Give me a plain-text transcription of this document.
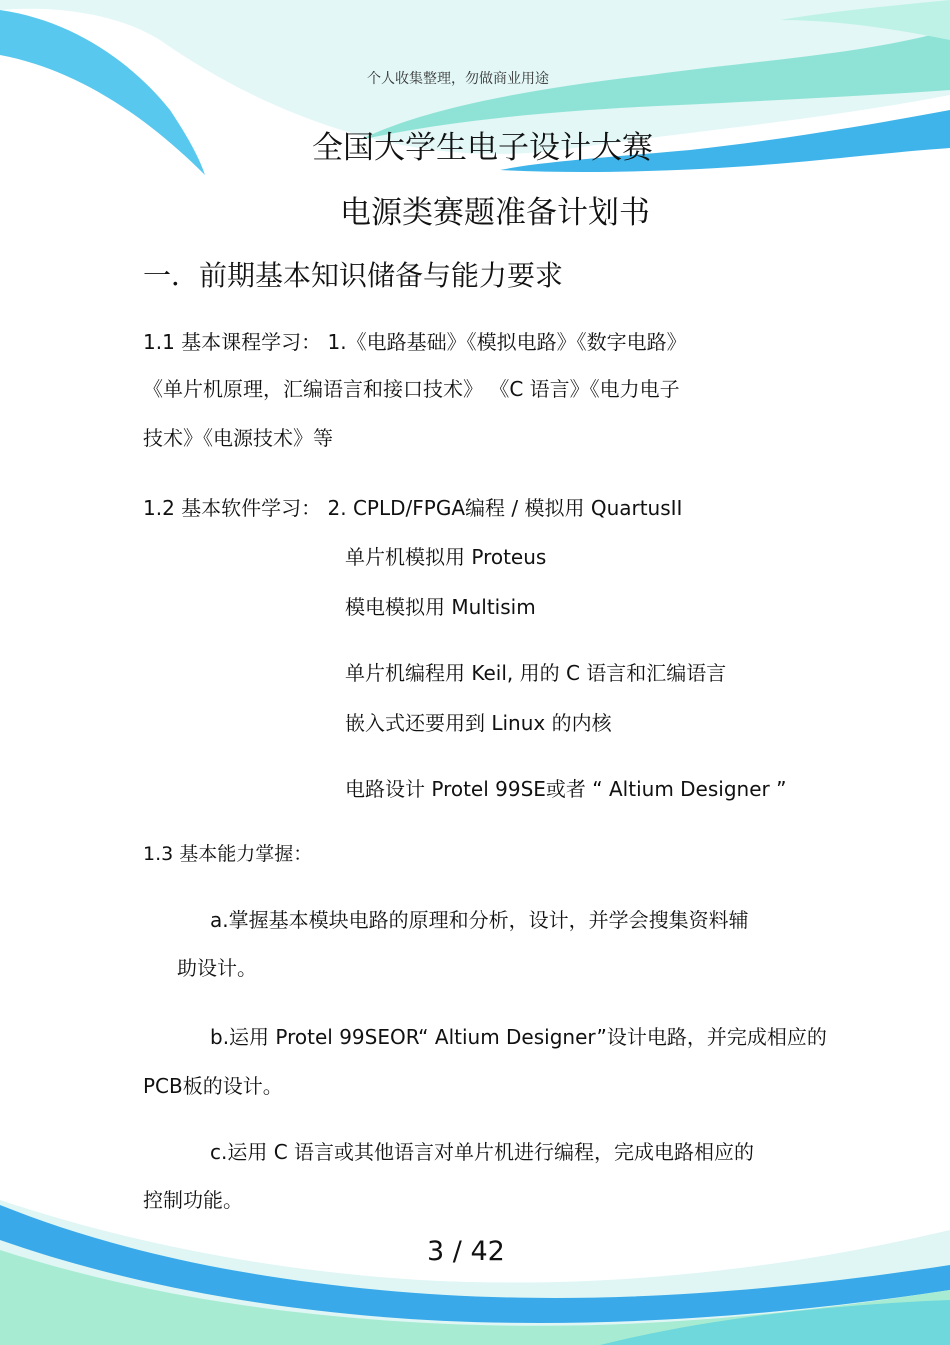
个人收集整理，勿做商业用途
全国大学生电子设计大赛
电源类赛题准备计划书
一．前期基本知识储备与能力要求
1.1 基本课程学习： 1.《电路基础》《模拟电路》《数字电路》
《单片机原理，汇编语言和接口技术》 《C 语言》《电力电子
技术》《电源技术》等
1.2 基本软件学习： 2. CPLD/FPGA编程 / 模拟用 QuartusII
单片机模拟用 Proteus
模电模拟用 Multisim
单片机编程用 Keil, 用的 C 语言和汇编语言
嵌入式还要用到 Linux 的内核
电路设计 Protel 99SE或者 “ Altium Designer ”
1.3 基本能力掌握：
a.掌握基本模块电路的原理和分析，设计，并学会搜集资料辅
助设计。
b.运用 Protel 99SEOR“ Altium Designer”设计电路，并完成相应的
PCB板的设计。
c.运用 C 语言或其他语言对单片机进行编程，完成电路相应的
控制功能。
3 / 42
